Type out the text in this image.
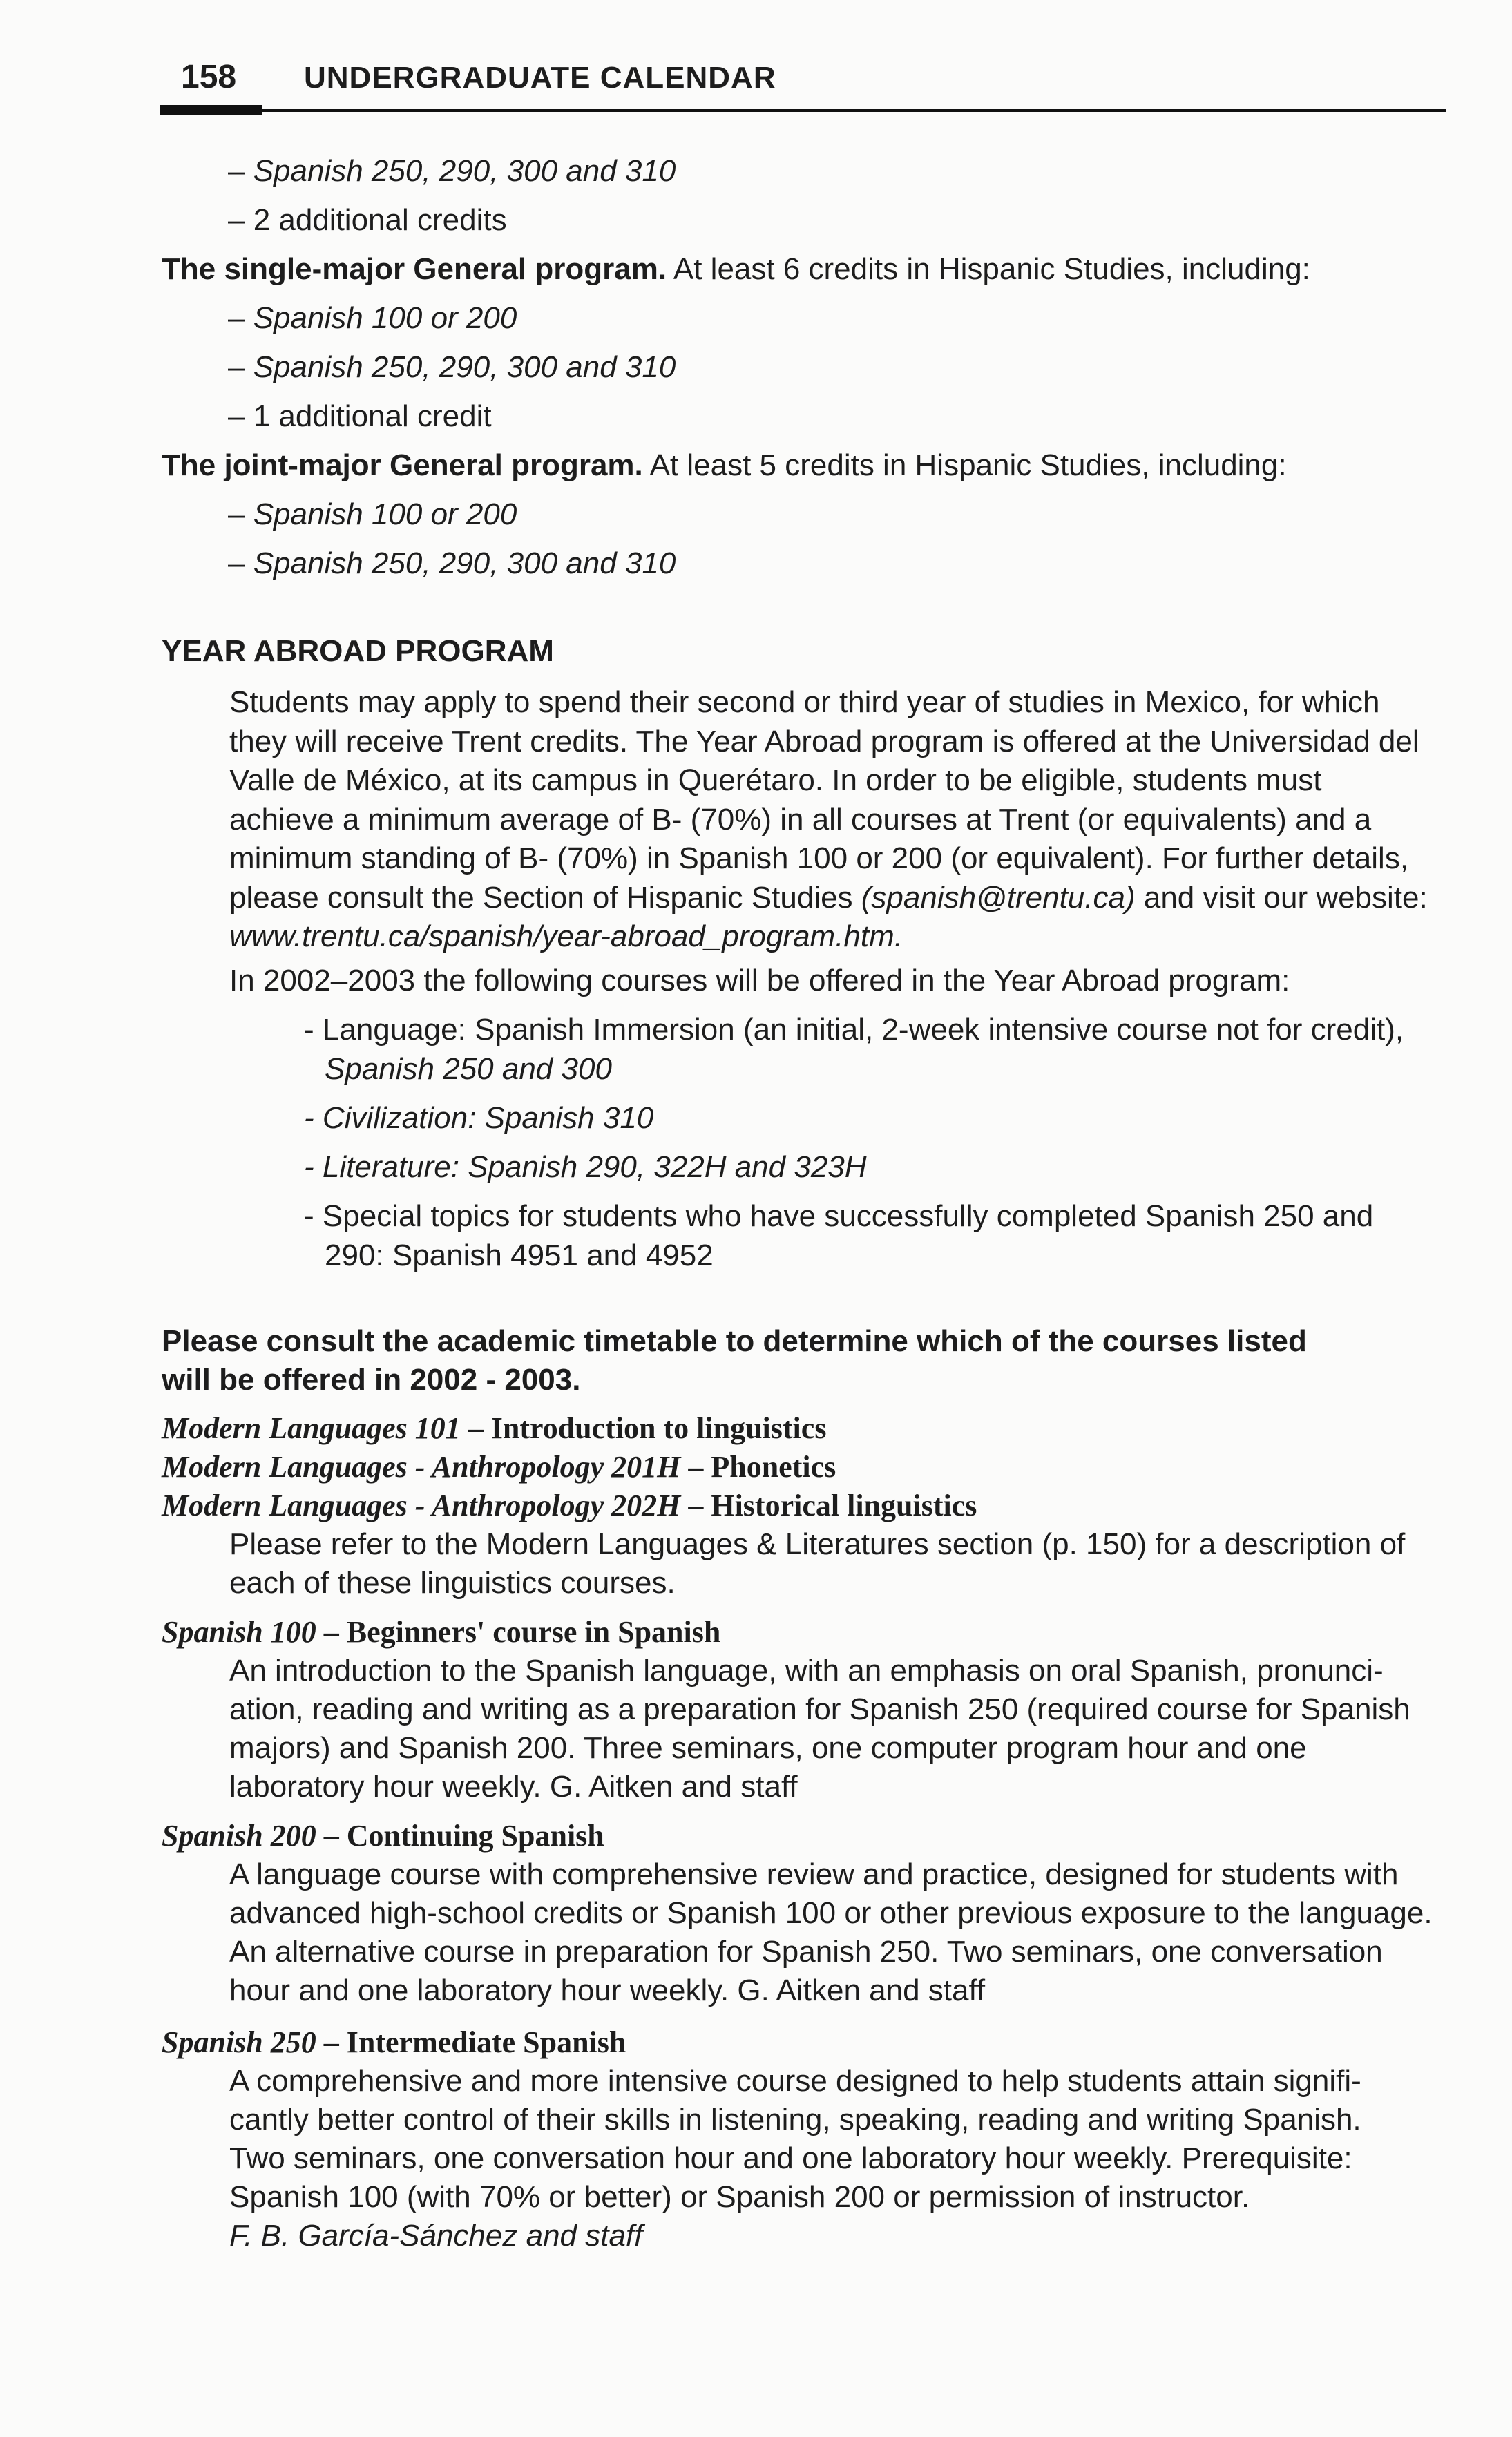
158 UNDERGRADUATE CALENDAR
– Spanish 250, 290, 300 and 310
– 2 additional credits
The single-major General program. At least 6 credits in Hispanic Studies, including:
– Spanish 100 or 200
– Spanish 250, 290, 300 and 310
– 1 additional credit
The joint-major General program. At least 5 credits in Hispanic Studies, including:
– Spanish 100 or 200
– Spanish 250, 290, 300 and 310
YEAR ABROAD PROGRAM

Students may apply to spend their second or third year of studies in Mexico, for which they will receive Trent credits. The Year Abroad program is offered at the Universidad del Valle de México, at its campus in Querétaro. In order to be eligible, students must achieve a minimum average of B- (70%) in all courses at Trent (or equivalents) and a minimum standing of B- (70%) in Spanish 100 or 200 (or equivalent). For further details, please consult the Section of Hispanic Studies (spanish@trentu.ca) and visit our website: www.trentu.ca/spanish/year-abroad_program.htm.

In 2002–2003 the following courses will be offered in the Year Abroad program:
- Language: Spanish Immersion (an initial, 2-week intensive course not for credit),
Spanish 250 and 300
- Civilization: Spanish 310
- Literature: Spanish 290, 322H and 323H
- Special topics for students who have successfully completed Spanish 250 and
290: Spanish 4951 and 4952
Please consult the academic timetable to determine which of the courses listed
will be offered in 2002 - 2003.
Modern Languages 101 – Introduction to linguistics
Modern Languages - Anthropology 201H – Phonetics
Modern Languages - Anthropology 202H – Historical linguistics
Please refer to the Modern Languages & Literatures section (p. 150) for a description of
each of these linguistics courses.
Spanish 100 – Beginners' course in Spanish
An introduction to the Spanish language, with an emphasis on oral Spanish, pronunci-
ation, reading and writing as a preparation for Spanish 250 (required course for Spanish
majors) and Spanish 200. Three seminars, one computer program hour and one
laboratory hour weekly. G. Aitken and staff
Spanish 200 – Continuing Spanish
A language course with comprehensive review and practice, designed for students with
advanced high-school credits or Spanish 100 or other previous exposure to the language.
An alternative course in preparation for Spanish 250. Two seminars, one conversation
hour and one laboratory hour weekly. G. Aitken and staff
Spanish 250 – Intermediate Spanish
A comprehensive and more intensive course designed to help students attain signifi-
cantly better control of their skills in listening, speaking, reading and writing Spanish.
Two seminars, one conversation hour and one laboratory hour weekly. Prerequisite:
Spanish 100 (with 70% or better) or Spanish 200 or permission of instructor.
F. B. García-Sánchez and staff
